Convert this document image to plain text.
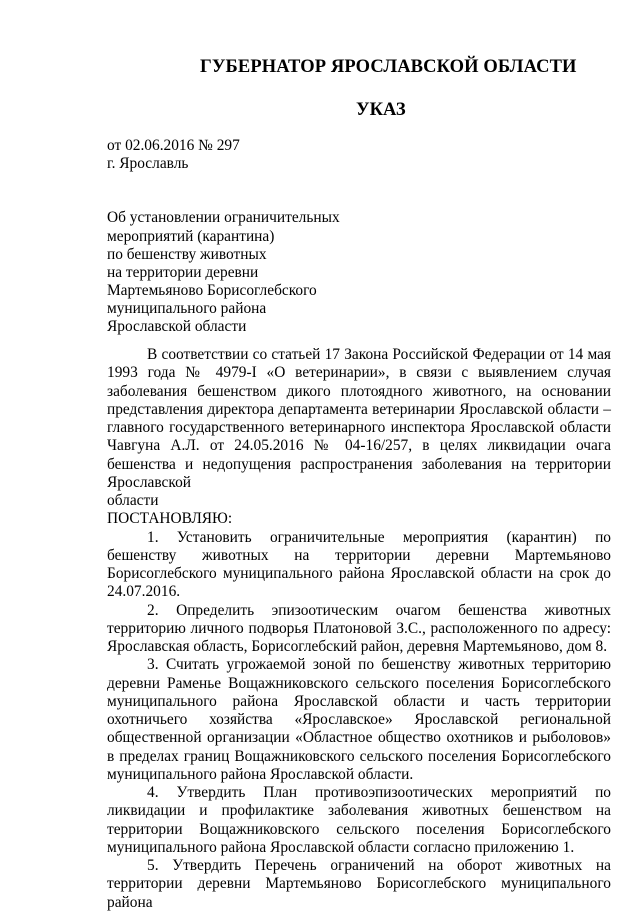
ГУБЕРНАТОР ЯРОСЛАВСКОЙ ОБЛАСТИ
УКАЗ
от 02.06.2016 № 297
г. Ярославль
Об установлении ограничительных
мероприятий (карантина)
по бешенству животных
на территории деревни
Мартемьяново Борисоглебского
муниципального района
Ярославской области

В соответствии со статьей 17 Закона Российской Федерации от 14 мая 1993 года № 4979-I «О ветеринарии», в связи с выявлением случая заболевания бешенством дикого плотоядного животного, на основании представления директора департамента ветеринарии Ярославской области – главного государственного ветеринарного инспектора Ярославской области Чавгуна А.Л. от 24.05.2016 № 04-16/257, в целях ликвидации очага бешенства и недопущения распространения заболевания на территории Ярославской

области

ПОСТАНОВЛЯЮ:

1. Установить ограничительные мероприятия (карантин) по бешенству животных на территории деревни Мартемьяново Борисоглебского муниципального района Ярославской области на срок до 24.07.2016.

2. Определить эпизоотическим очагом бешенства животных территорию личного подворья Платоновой З.С., расположенного по адресу: Ярославская область, Борисоглебский район, деревня Мартемьяново, дом 8.

3. Считать угрожаемой зоной по бешенству животных территорию деревни Раменье Вощажниковского сельского поселения Борисоглебского муниципального района Ярославской области и часть территории охотничьего хозяйства «Ярославское» Ярославской региональной общественной организации «Областное общество охотников и рыболовов» в пределах границ Вощажниковского сельского поселения Борисоглебского муниципального района Ярославской области.

4. Утвердить План противоэпизоотических мероприятий по ликвидации и профилактике заболевания животных бешенством на территории Вощажниковского сельского поселения Борисоглебского муниципального района Ярославской области согласно приложению 1.

5. Утвердить Перечень ограничений на оборот животных на территории деревни Мартемьяново Борисоглебского муниципального района
